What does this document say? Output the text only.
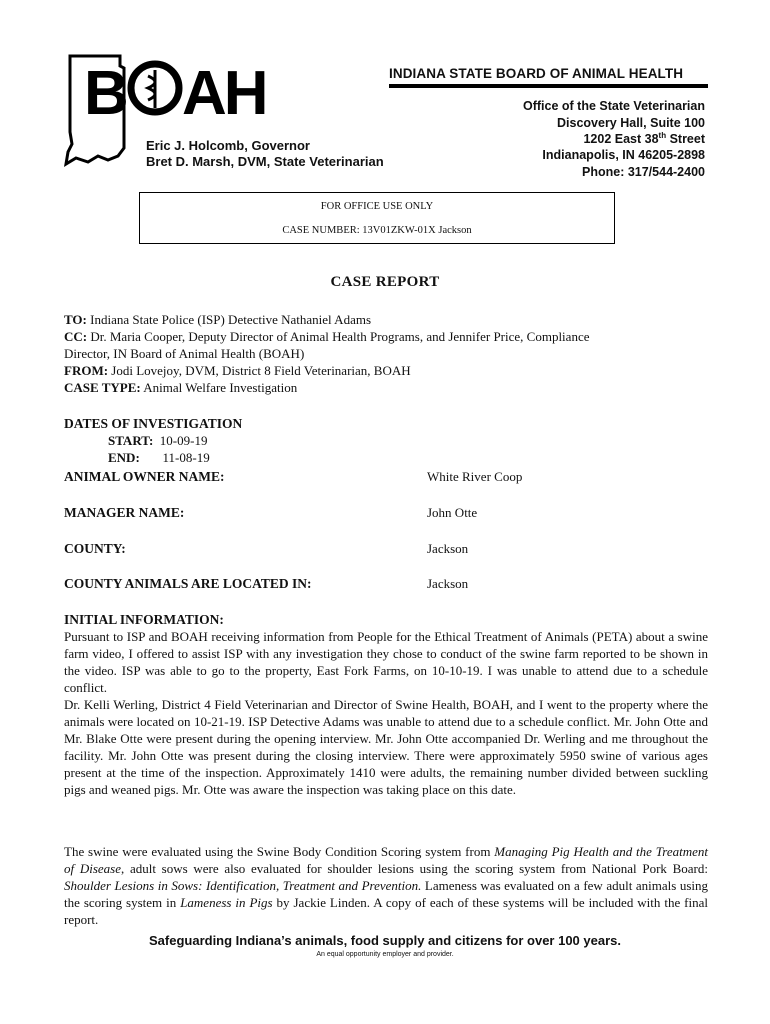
B AH	INDIANA STATE BOARD OF ANIMAL HEALTH
Eric J. Holcomb, Governor
Bret D. Marsh, DVM, State Veterinarian
Office of the State Veterinarian
Discovery Hall, Suite 100
1202 East 38th Street
Indianapolis, IN 46205-2898
Phone: 317/544-2400
FOR OFFICE USE ONLY
CASE NUMBER: 13V01ZKW-01X Jackson
CASE REPORT
TO: Indiana State Police (ISP) Detective Nathaniel Adams
CC: Dr. Maria Cooper, Deputy Director of Animal Health Programs, and Jennifer Price, Compliance
Director, IN Board of Animal Health (BOAH)
FROM: Jodi Lovejoy, DVM, District 8 Field Veterinarian, BOAH
CASE TYPE: Animal Welfare Investigation
DATES OF INVESTIGATION
START: 10-09-19
END: 11-08-19
ANIMAL OWNER NAME:	White River Coop
MANAGER NAME:	John Otte
COUNTY:	Jackson
COUNTY ANIMALS ARE LOCATED IN:	Jackson
INITIAL INFORMATION:

Pursuant to ISP and BOAH receiving information from People for the Ethical Treatment of Animals (PETA) about a swine farm video, I offered to assist ISP with any investigation they chose to conduct of the swine farm reported to be shown in the video. ISP was able to go to the property, East Fork Farms, on 10-10-19. I was unable to attend due to a schedule conflict.

Dr. Kelli Werling, District 4 Field Veterinarian and Director of Swine Health, BOAH, and I went to the property where the animals were located on 10-21-19. ISP Detective Adams was unable to attend due to a schedule conflict. Mr. John Otte and Mr. Blake Otte were present during the opening interview. Mr. John Otte accompanied Dr. Werling and me throughout the facility. Mr. John Otte was present during the closing interview. There were approximately 5950 swine of various ages present at the time of the inspection. Approximately 1410 were adults, the remaining number divided between suckling pigs and weaned pigs. Mr. Otte was aware the inspection was taking place on this date.

The swine were evaluated using the Swine Body Condition Scoring system from Managing Pig Health and the Treatment of Disease, adult sows were also evaluated for shoulder lesions using the scoring system from National Pork Board: Shoulder Lesions in Sows: Identification, Treatment and Prevention. Lameness was evaluated on a few adult animals using the scoring system in Lameness in Pigs by Jackie Linden. A copy of each of these systems will be included with the final report.

Safeguarding Indiana’s animals, food supply and citizens for over 100 years.
An equal opportunity employer and provider.
